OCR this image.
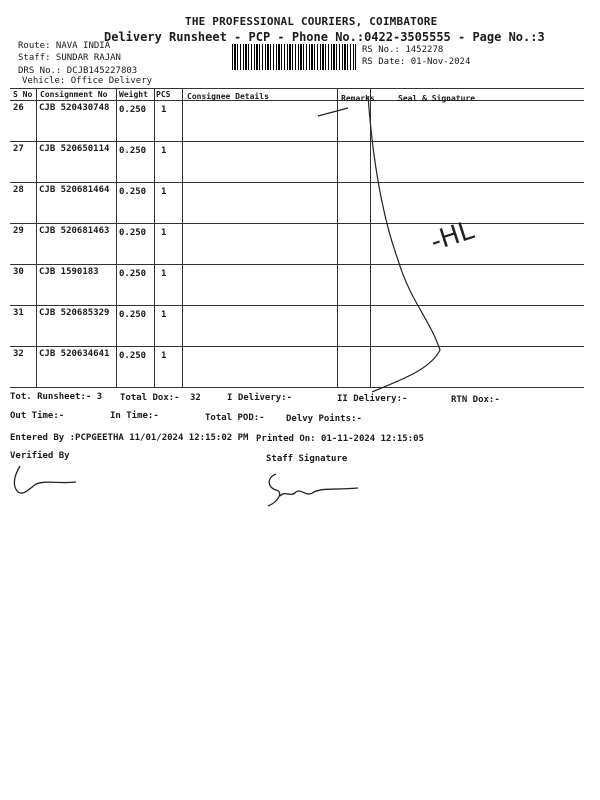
THE PROFESSIONAL COURIERS, COIMBATORE
Delivery Runsheet - PCP - Phone No.:0422-3505555 - Page No.:3
Route: NAVA INDIA
Staff: SUNDAR RAJAN
DRS No.: DCJB145227803
Vehicle: Office Delivery
RS No.: 1452278
RS Date: 01-Nov-2024
S No Consignment No Weight PCS Consignee Details	Remarks	Seal & Signature
26 CJB 520430748 0.250 1
27 CJB 520650114 0.250 1
28 CJB 520681464 0.250 1
29 CJB 520681463 0.250 1
30 CJB 1590183 0.250 1
31 CJB 520685329 0.250 1
32 CJB 520634641 0.250 1
-HL
Tot. Runsheet:- 3 Total Dox:- 32	I Delivery:-	II Delivery:-	RTN Dox:-
Out Time:-	In Time:-	Total POD:- Delvy Points:-
Entered By :PCPGEETHA 11/01/2024 12:15:02 PM Printed On: 01-11-2024 12:15:05
Verified By	Staff Signature
